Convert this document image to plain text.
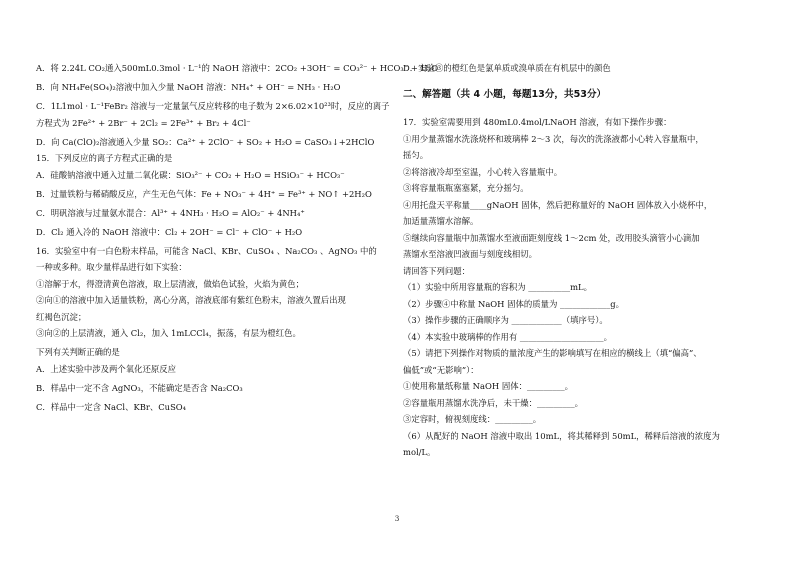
A．将 2.24L CO₂通入500mL0.3mol · L⁻¹的 NaOH 溶液中：2CO₂ +3OH⁻ = CO₃²⁻ + HCO₃⁻ + H₂O

B．向 NH₄Fe(SO₄)₂溶液中加入少量 NaOH 溶液：NH₄⁺ + OH⁻ = NH₃ · H₂O

C．1L1mol · L⁻¹FeBr₂ 溶液与一定量氯气反应转移的电子数为 2×6.02×10²³时，反应的离子

方程式为 2Fe²⁺ + 2Br⁻ + 2Cl₂ = 2Fe³⁺ + Br₂ + 4Cl⁻

D．向 Ca(ClO)₂溶液通入少量 SO₂：Ca²⁺ + 2ClO⁻ + SO₂ + H₂O = CaSO₃↓+2HClO

15．下列反应的离子方程式正确的是

A．硅酸钠溶液中通入过量二氧化碳：SiO₃²⁻ + CO₂ + H₂O = HSiO₃⁻ + HCO₃⁻

B．过量铁粉与稀硝酸反应，产生无色气体：Fe + NO₃⁻ + 4H⁺ = Fe³⁺ + NO↑ +2H₂O

C．明矾溶液与过量氨水混合：Al³⁺ + 4NH₃ · H₂O = AlO₂⁻ + 4NH₄⁺

D．Cl₂ 通入冷的 NaOH 溶液中：Cl₂ + 2OH⁻ = Cl⁻ + ClO⁻ + H₂O

16．实验室中有一白色粉末样品，可能含 NaCl、KBr、CuSO₄ 、Na₂CO₃ 、AgNO₃ 中的

一种或多种。取少量样品进行如下实验：

①溶解于水，得澄清黄色溶液，取上层清液，做焰色试验，火焰为黄色；

②向①的溶液中加入适量铁粉，离心分离，溶液底部有紫红色粉末，溶液久置后出现

红褐色沉淀；

③向②的上层清液，通入 Cl₂，加入 1mLCCl₄，振荡，有层为橙红色。

下列有关判断正确的是

A．上述实验中涉及两个氧化还原反应

B．样品中一定不含 AgNO₃，不能确定是否含 Na₂CO₃

C．样品中一定含 NaCl、KBr、CuSO₄

D．实验③的橙红色是氯单质或溴单质在有机层中的颜色

二、解答题（共 4 小题，每题13分，共53分）

17．实验室需要用到 480mL0.4mol/LNaOH 溶液，有如下操作步骤：

①用少量蒸馏水洗涤烧杯和玻璃棒 2～3 次，每次的洗涤液都小心转入容量瓶中，

摇匀。

②将溶液冷却至室温，小心转入容量瓶中。

③将容量瓶瓶塞塞紧，充分摇匀。

④用托盘天平称量____gNaOH 固体，然后把称量好的 NaOH 固体放入小烧杯中，

加适量蒸馏水溶解。

⑤继续向容量瓶中加蒸馏水至液面距刻度线 1～2cm 处，改用胶头滴管小心滴加

蒸馏水至溶液凹液面与刻度线相切。

请回答下列问题：

（1）实验中所用容量瓶的容积为 __________mL。

（2）步骤④中称量 NaOH 固体的质量为 ____________g。

（3）操作步骤的正确顺序为 ____________（填序号）。

（4）本实验中玻璃棒的作用有 ____________________。

（5）请把下列操作对物质的量浓度产生的影响填写在相应的横线上（填“偏高”、

偏低”或“无影响”）：

①使用称量纸称量 NaOH 固体：_________。

②容量瓶用蒸馏水洗净后，未干燥：_________。

③定容时，俯视刻度线：_________。

（6）从配好的 NaOH 溶液中取出 10mL，将其稀释到 50mL，稀释后溶液的浓度为

mol/L。

3
